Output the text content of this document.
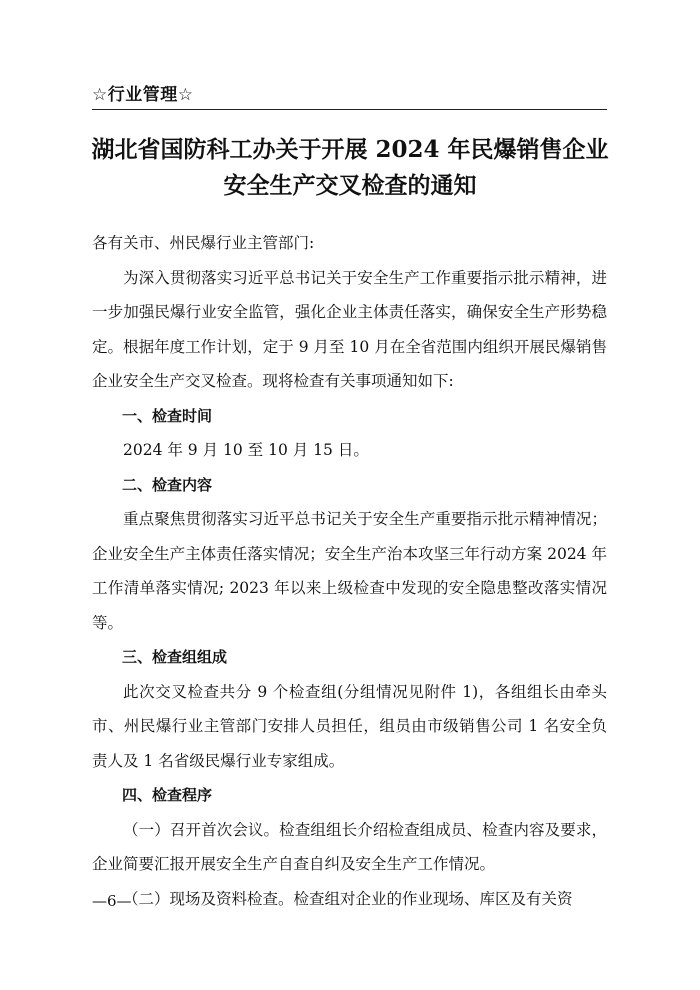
☆行业管理☆
湖北省国防科工办关于开展 2024 年民爆销售企业
安全生产交叉检查的通知

各有关市、州民爆行业主管部门:

为深入贯彻落实习近平总书记关于安全生产工作重要指示批示精神，进一步加强民爆行业安全监管，强化企业主体责任落实，确保安全生产形势稳定。根据年度工作计划，定于 9 月至 10 月在全省范围内组织开展民爆销售企业安全生产交叉检查。现将检查有关事项通知如下:

一、检查时间

2024 年 9 月 10 至 10 月 15 日。

二、检查内容

重点聚焦贯彻落实习近平总书记关于安全生产重要指示批示精神情况；企业安全生产主体责任落实情况；安全生产治本攻坚三年行动方案 2024 年工作清单落实情况; 2023 年以来上级检查中发现的安全隐患整改落实情况等。

三、检查组组成

此次交叉检查共分 9 个检查组(分组情况见附件 1)，各组组长由牵头市、州民爆行业主管部门安排人员担任，组员由市级销售公司 1 名安全负责人及 1 名省级民爆行业专家组成。

四、检查程序

（一）召开首次会议。检查组组长介绍检查组成员、检查内容及要求，企业简要汇报开展安全生产自查自纠及安全生产工作情况。

（二）现场及资料检查。检查组对企业的作业现场、库区及有关资

—6—
